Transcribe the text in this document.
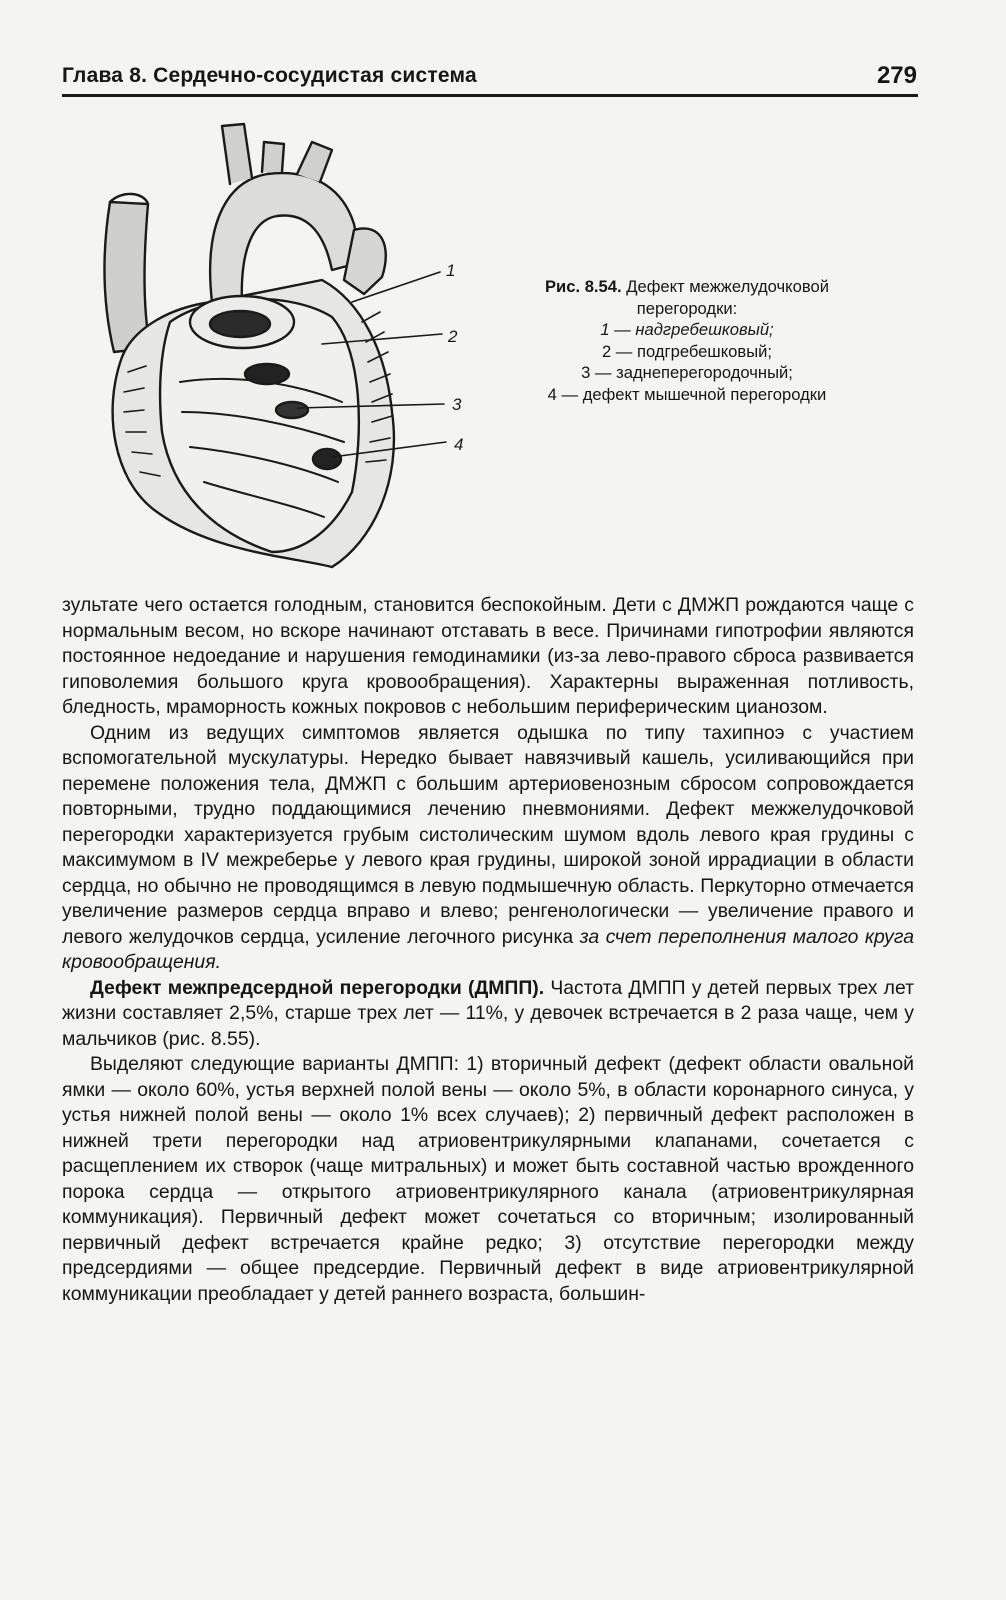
Глава 8. Сердечно-сосудистая система	279
1
2
3
4
Рис. 8.54. Дефект межжелудочковой перегородки:
1 — надгребешковый;
2 — подгребешковый;
3 — заднеперегородочный;
4 — дефект мышечной перегородки

зультате чего остается голодным, становится беспокойным. Дети с ДМЖП рождаются чаще с нормальным весом, но вскоре начинают отставать в весе. Причинами гипотрофии являются постоянное недоедание и нарушения гемодинамики (из-за лево-правого сброса развивается гиповолемия большого круга кровообращения). Характерны выраженная потливость, бледность, мраморность кожных покровов с небольшим периферическим цианозом.

Одним из ведущих симптомов является одышка по типу тахипноэ с участием вспомогательной мускулатуры. Нередко бывает навязчивый кашель, усиливающийся при перемене положения тела, ДМЖП с большим артериовенозным сбросом сопровождается повторными, трудно поддающимися лечению пневмониями. Дефект межжелудочковой перегородки характеризуется грубым систолическим шумом вдоль левого края грудины с максимумом в IV межреберье у левого края грудины, широкой зоной иррадиации в области сердца, но обычно не проводящимся в левую подмышечную область. Перкуторно отмечается увеличение размеров сердца вправо и влево; ренгенологически — увеличение правого и левого желудочков сердца, усиление легочного рисунка за счет переполнения малого круга кровообращения.

Дефект межпредсердной перегородки (ДМПП). Частота ДМПП у детей первых трех лет жизни составляет 2,5%, старше трех лет — 11%, у девочек встречается в 2 раза чаще, чем у мальчиков (рис. 8.55).

Выделяют следующие варианты ДМПП: 1) вторичный дефект (дефект области овальной ямки — около 60%, устья верхней полой вены — около 5%, в области коронарного синуса, у устья нижней полой вены — около 1% всех случаев); 2) первичный дефект расположен в нижней трети перегородки над атриовентрикулярными клапанами, сочетается с расщеплением их створок (чаще митральных) и может быть составной частью врожденного порока сердца — открытого атриовентрикулярного канала (атриовентрикулярная коммуникация). Первичный дефект может сочетаться со вторичным; изолированный первичный дефект встречается крайне редко; 3) отсутствие перегородки между предсердиями — общее предсердие. Первичный дефект в виде атриовентрикулярной коммуникации преобладает у детей раннего возраста, большин-
